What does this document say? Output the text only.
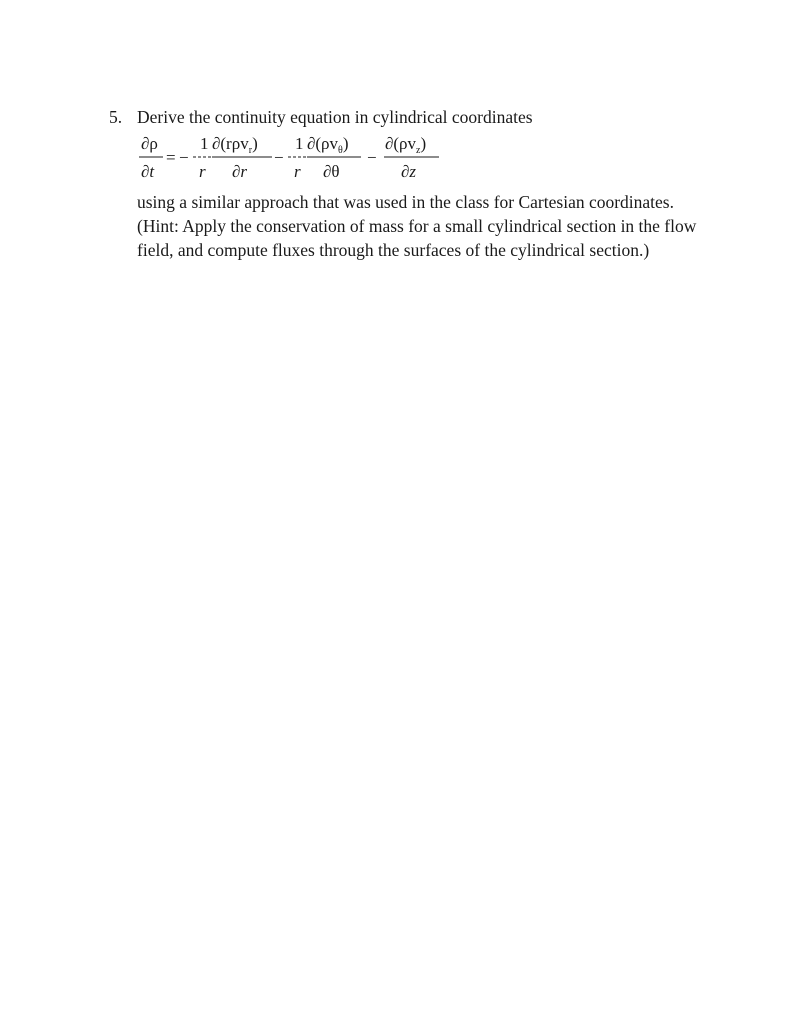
5. Derive the continuity equation in cylindrical coordinates
∂ρ
∂t
= −
1
r
∂(rρv$_r$)
∂r
−
1
r
$\partial(\rho v_\theta)$
∂θ
−
$\partial(\rho v_z)$
∂z
using a similar approach that was used in the class for Cartesian coordinates.
(Hint: Apply the conservation of mass for a small cylindrical section in the flow
field, and compute fluxes through the surfaces of the cylindrical section.)
